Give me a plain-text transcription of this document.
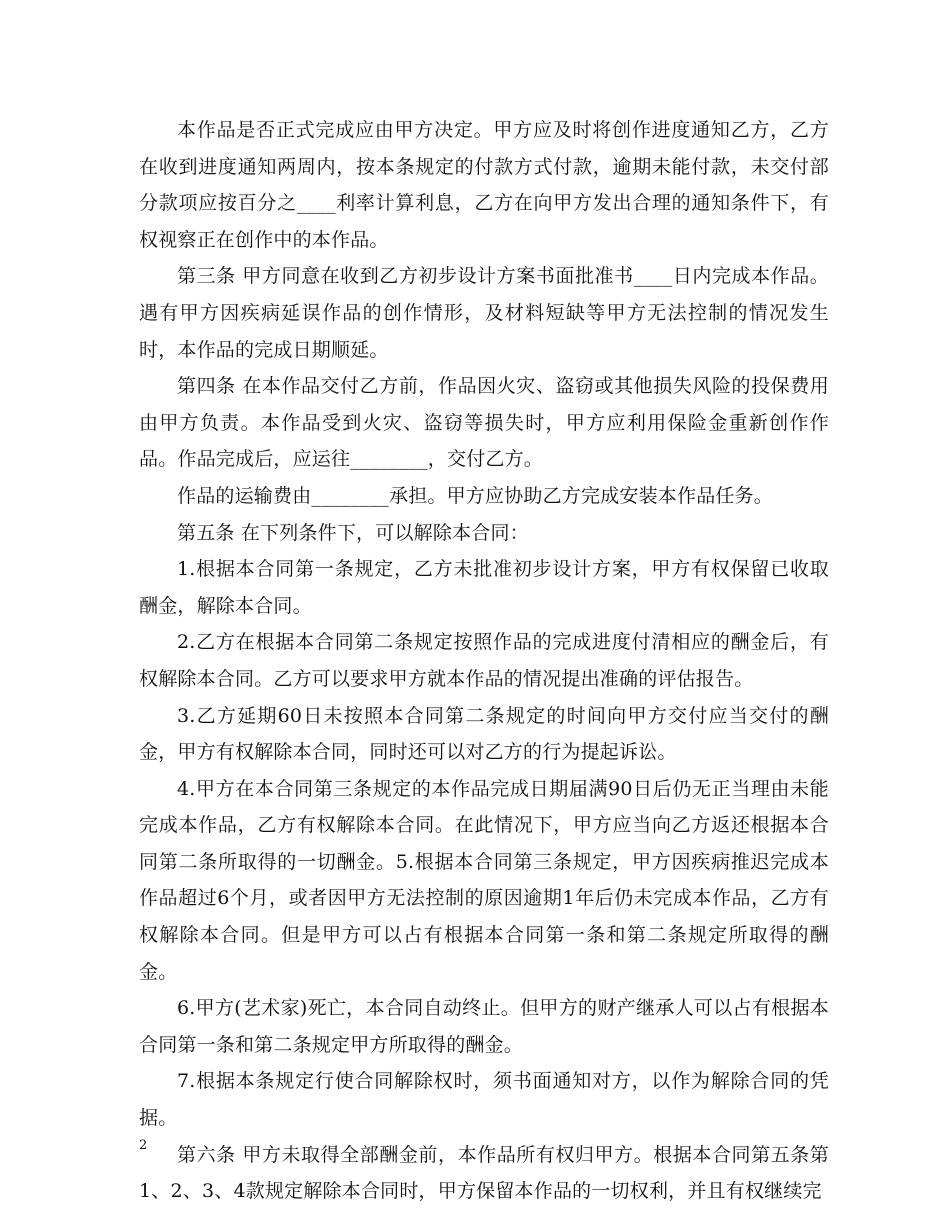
本作品是否正式完成应由甲方决定。甲方应及时将创作进度通知乙方，乙方在收到进度通知两周内，按本条规定的付款方式付款，逾期未能付款，未交付部分款项应按百分之____利率计算利息，乙方在向甲方发出合理的通知条件下，有权视察正在创作中的本作品。

第三条 甲方同意在收到乙方初步设计方案书面批准书____日内完成本作品。遇有甲方因疾病延误作品的创作情形，及材料短缺等甲方无法控制的情况发生时，本作品的完成日期顺延。

第四条 在本作品交付乙方前，作品因火灾、盗窃或其他损失风险的投保费用由甲方负责。本作品受到火灾、盗窃等损失时，甲方应利用保险金重新创作作品。作品完成后，应运往________，交付乙方。

作品的运输费由________承担。甲方应协助乙方完成安装本作品任务。

第五条 在下列条件下，可以解除本合同：

1.根据本合同第一条规定，乙方未批准初步设计方案，甲方有权保留已收取酬金，解除本合同。

2.乙方在根据本合同第二条规定按照作品的完成进度付清相应的酬金后，有权解除本合同。乙方可以要求甲方就本作品的情况提出准确的评估报告。

3.乙方延期60日未按照本合同第二条规定的时间向甲方交付应当交付的酬金，甲方有权解除本合同，同时还可以对乙方的行为提起诉讼。

4.甲方在本合同第三条规定的本作品完成日期届满90日后仍无正当理由未能完成本作品，乙方有权解除本合同。在此情况下，甲方应当向乙方返还根据本合同第二条所取得的一切酬金。5.根据本合同第三条规定，甲方因疾病推迟完成本作品超过6个月，或者因甲方无法控制的原因逾期1年后仍未完成本作品，乙方有权解除本合同。但是甲方可以占有根据本合同第一条和第二条规定所取得的酬金。

6.甲方(艺术家)死亡，本合同自动终止。但甲方的财产继承人可以占有根据本合同第一条和第二条规定甲方所取得的酬金。

7.根据本条规定行使合同解除权时，须书面通知对方，以作为解除合同的凭据。

第六条 甲方未取得全部酬金前，本作品所有权归甲方。根据本合同第五条第1、2、3、4款规定解除本合同时，甲方保留本作品的一切权利，并且有权继续完

2
